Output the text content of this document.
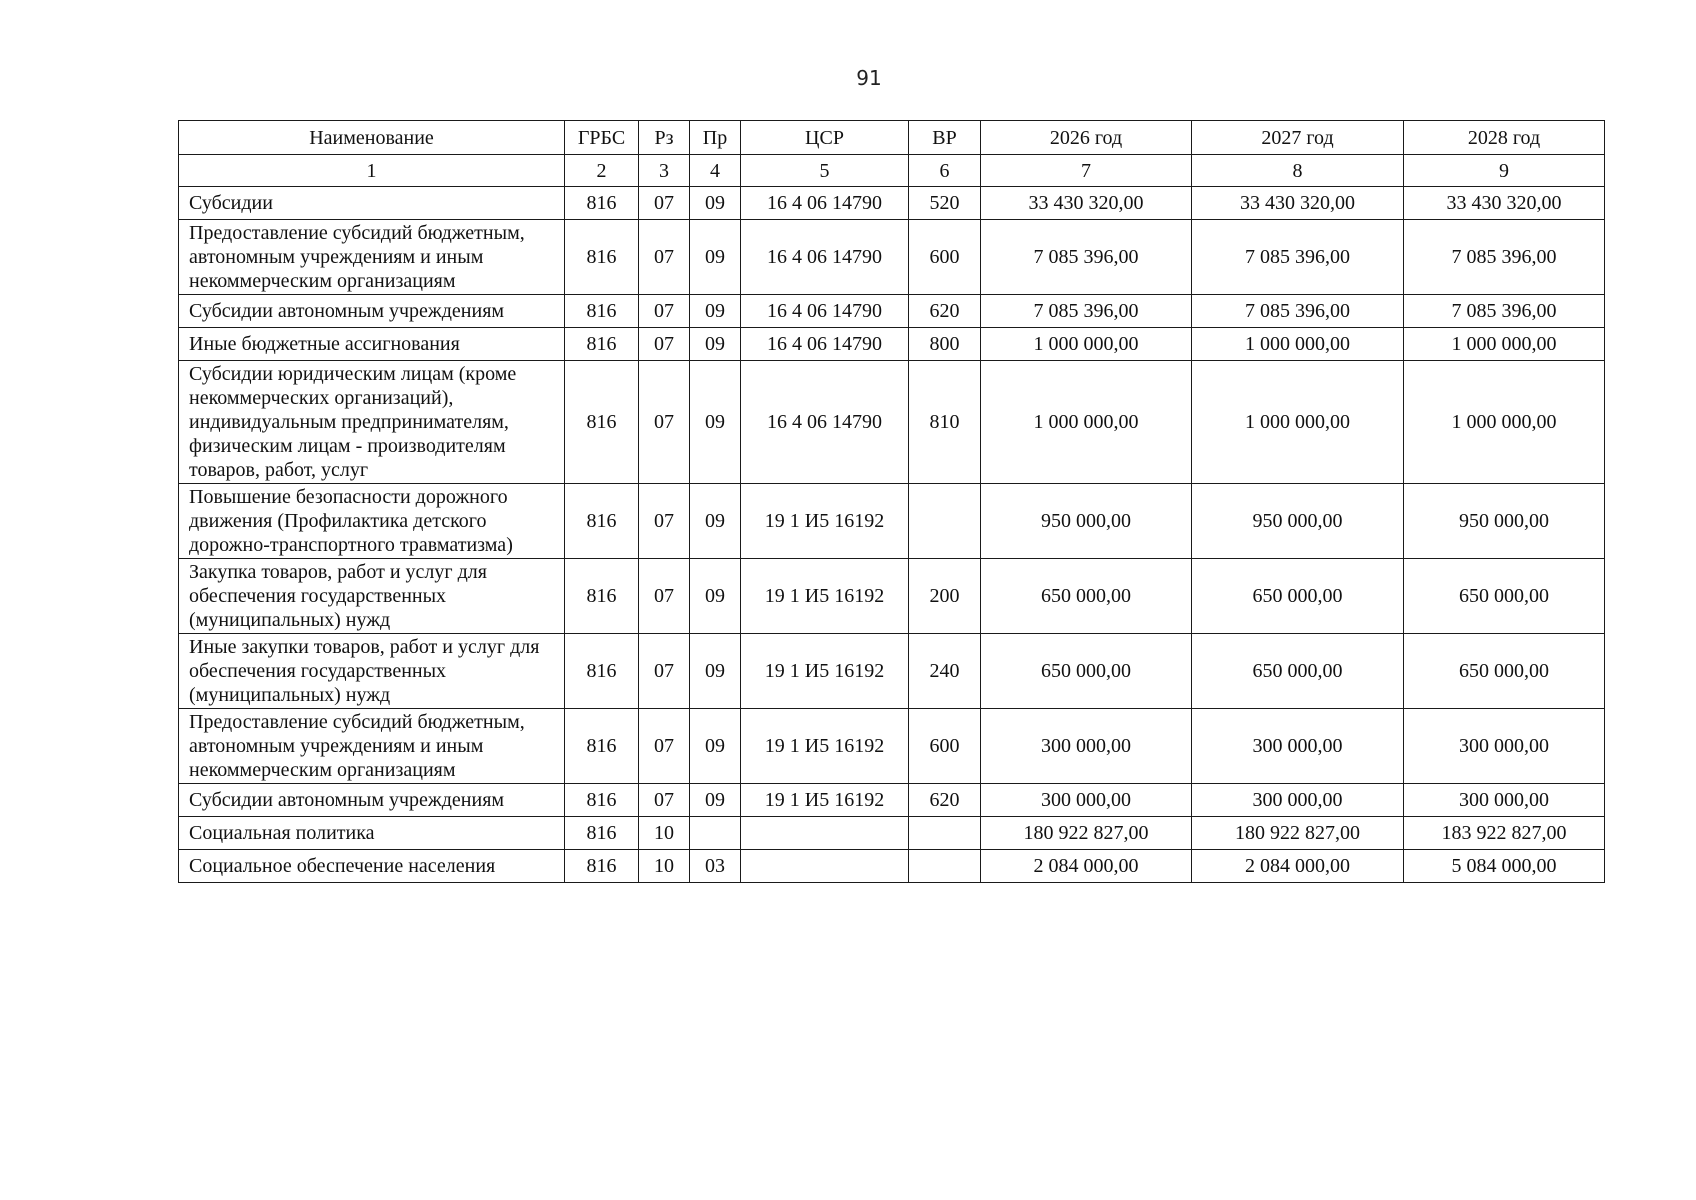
91
Наименование	ГРБС	Рз	Пр	ЦСР	ВР	2026 год	2027 год	2028 год
1	2	3	4	5	6	7	8	9
Субсидии	816	07	09	16 4 06 14790	520	33 430 320,00	33 430 320,00	33 430 320,00
Предоставление субсидий бюджетным, автономным учреждениям и иным некоммерческим организациям	816	07	09	16 4 06 14790	600	7 085 396,00	7 085 396,00	7 085 396,00
Субсидии автономным учреждениям	816	07	09	16 4 06 14790	620	7 085 396,00	7 085 396,00	7 085 396,00
Иные бюджетные ассигнования	816	07	09	16 4 06 14790	800	1 000 000,00	1 000 000,00	1 000 000,00
Субсидии юридическим лицам (кроме некоммерческих организаций), индивидуальным предпринимателям, физическим лицам - производителям товаров, работ, услуг	816	07	09	16 4 06 14790	810	1 000 000,00	1 000 000,00	1 000 000,00
Повышение безопасности дорожного движения (Профилактика детского дорожно-транспортного травматизма)	816	07	09	19 1 И5 16192		950 000,00	950 000,00	950 000,00
Закупка товаров, работ и услуг для обеспечения государственных (муниципальных) нужд	816	07	09	19 1 И5 16192	200	650 000,00	650 000,00	650 000,00
Иные закупки товаров, работ и услуг для обеспечения государственных (муниципальных) нужд	816	07	09	19 1 И5 16192	240	650 000,00	650 000,00	650 000,00
Предоставление субсидий бюджетным, автономным учреждениям и иным некоммерческим организациям	816	07	09	19 1 И5 16192	600	300 000,00	300 000,00	300 000,00
Субсидии автономным учреждениям	816	07	09	19 1 И5 16192	620	300 000,00	300 000,00	300 000,00
Социальная политика	816	10				180 922 827,00	180 922 827,00	183 922 827,00
Социальное обеспечение населения	816	10	03			2 084 000,00	2 084 000,00	5 084 000,00
